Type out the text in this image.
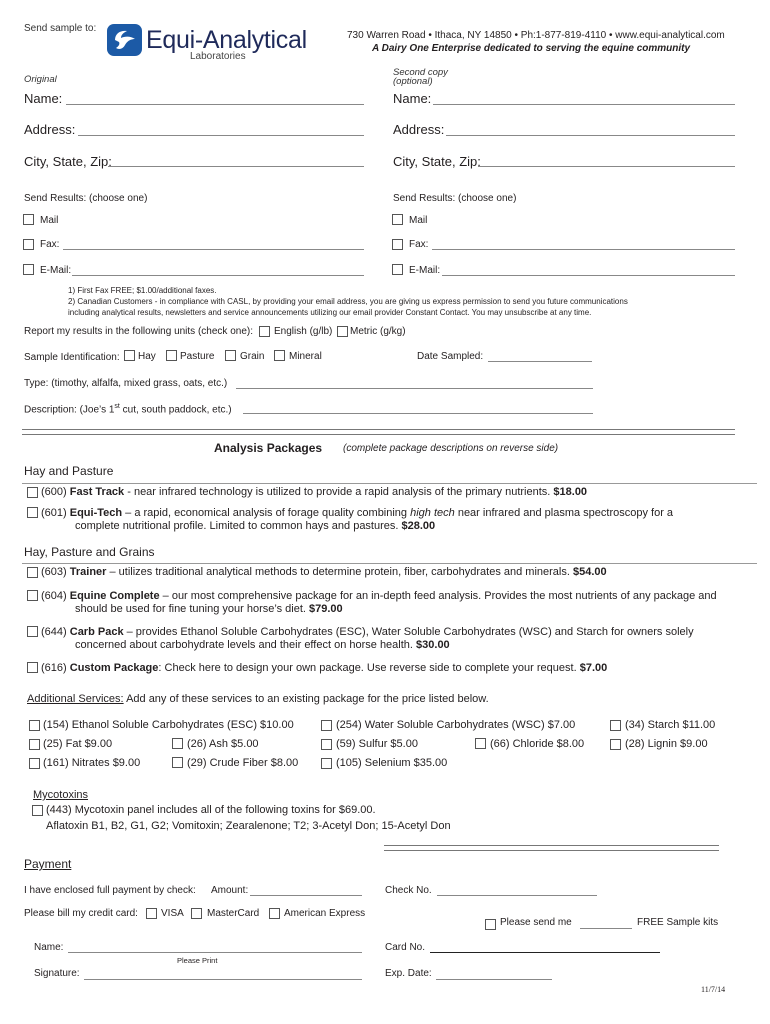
Send sample to: Equi-Analytical
Laboratories
730 Warren Road • Ithaca, NY 14850 • Ph:1-877-819-4110 • www.equi-analytical.com
A Dairy One Enterprise dedicated to serving the equine community
Original
Name:
Address:
City, State, Zip:
Send Results: (choose one)
Mail
Fax:
E-Mail:
Second copy
(optional)
Name:
Address:
City, State, Zip:
Send Results: (choose one)
Mail
Fax:
E-Mail:
1) First Fax FREE; $1.00/additional faxes.
2) Canadian Customers - in compliance with CASL, by providing your email address, you are giving us express permission to send you future communications
including analytical results, newsletters and service announcements utilizing our email provider Constant Contact. You may unsubscribe at any time.
Report my results in the following units (check one): English (g/lb) Metric (g/kg)
Sample Identification: Hay Pasture	Grain Mineral	Date Sampled:
Type: (timothy, alfalfa, mixed grass, oats, etc.)
Description: (Joe’s 1st cut, south paddock, etc.)
Analysis Packages (complete package descriptions on reverse side)
Hay and Pasture
(600) Fast Track - near infrared technology is utilized to provide a rapid analysis of the primary nutrients. $18.00
(601) Equi-Tech – a rapid, economical analysis of forage quality combining high tech near infrared and plasma spectroscopy for a
complete nutritional profile. Limited to common hays and pastures. $28.00
Hay, Pasture and Grains
(603) Trainer – utilizes traditional analytical methods to determine protein, fiber, carbohydrates and minerals. $54.00
(604) Equine Complete – our most comprehensive package for an in-depth feed analysis. Provides the most nutrients of any package and
should be used for fine tuning your horse’s diet. $79.00
(644) Carb Pack – provides Ethanol Soluble Carbohydrates (ESC), Water Soluble Carbohydrates (WSC) and Starch for owners solely
concerned about carbohydrate levels and their effect on horse health. $30.00
(616) Custom Package: Check here to design your own package. Use reverse side to complete your request. $7.00
Additional Services: Add any of these services to an existing package for the price listed below.
(154) Ethanol Soluble Carbohydrates (ESC) $10.00	(254) Water Soluble Carbohydrates (WSC) $7.00	(34) Starch $11.00
(25) Fat $9.00	(26) Ash $5.00	(59) Sulfur $5.00	(66) Chloride $8.00	(28) Lignin $9.00
(161) Nitrates $9.00	(29) Crude Fiber $8.00	(105) Selenium $35.00
Mycotoxins
(443) Mycotoxin panel includes all of the following toxins for $69.00.
Aflatoxin B1, B2, G1, G2; Vomitoxin; Zearalenone; T2; 3-Acetyl Don; 15-Acetyl Don
Payment
I have enclosed full payment by check: Amount:	Check No.
Please bill my credit card: VISA MasterCard American Express
Please send me	FREE Sample kits
Name:
Please Print
Card No.
Signature:	Exp. Date:
11/7/14
